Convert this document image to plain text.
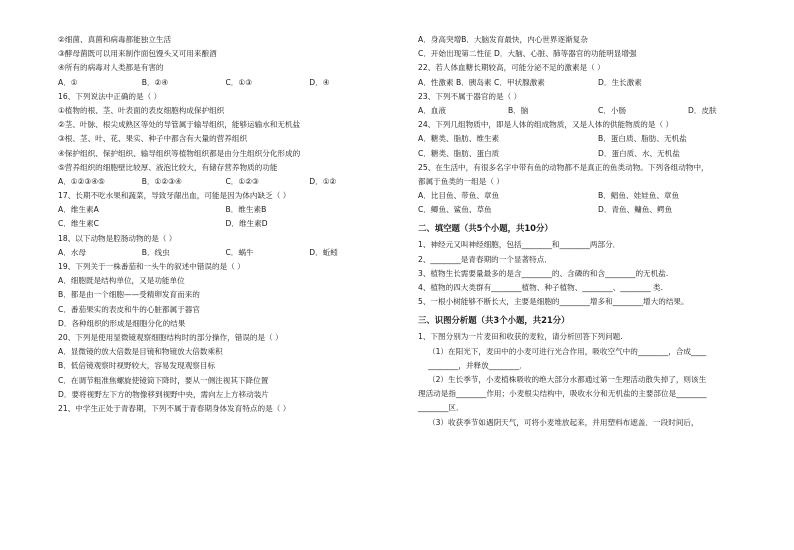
②细菌、真菌和病毒都能独立生活
③酵母菌既可以用来制作面包馒头又可用来酿酒
④所有的病毒对人类都是有害的
A．①	B．②④	C．①③	D．④
16、下列说法中正确的是（ ）
①植物的根、茎、叶表面的表皮细胞构成保护组织
②茎、叶脉、根尖成熟区等处的导管属于输导组织，能够运输水和无机盐
③根、茎、叶、花、果实、种子中都含有大量的营养组织
④保护组织、保护组织、输导组织等植物组织都是由分生组织分化形成的
⑤营养组织的细胞壁比较厚、液泡比较大，有储存营养物质的功能
A．①②③④⑤	B．①②③④	C．①②③	D．①②
17、长期不吃水果和蔬菜，导致牙龈出血，可能是因为体内缺乏（ ）
A．维生素A	B．维生素B
C．维生素C	D．维生素D
18、以下动物是腔肠动物的是（ ）
A．水母	B．线虫	C．蜗牛	D．蚯蚓
19、下列关于一株番茄和一头牛的叙述中错误的是（ ）
A．细胞既是结构单位，又是功能单位
B．都是由一个细胞——受精卵发育而来的
C．番茄果实的表皮和牛的心脏都属于器官
D．各种组织的形成是细胞分化的结果
20、下列是使用显微镜观察细胞结构时的部分操作，错误的是（ ）
A．显微镜的放大倍数是目镜和物镜放大倍数乘积
B．低倍镜观察时视野较大，容易发现观察目标
C．在调节粗准焦螺旋使镜筒下降时，要从一侧注视其下降位置
D．要将视野左下方的物像移到视野中央，需向左上方移动装片
21、中学生正处于青春期，下列不属于青春期身体发育特点的是（ ）
A．身高突增B．大脑发育最快，内心世界逐渐复杂
C．开始出现第二性征 D．大脑、心脏、肺等器官的功能明显增强
22、若人体血糖长期较高，可能分泌不足的激素是（ ）
A．性激素 B．胰岛素 C．甲状腺激素	D．生长激素
23、下列不属于器官的是（ ）
A．血液	B．脑	C．小肠	D．皮肤
24、下列几组物质中，即是人体的组成物质，又是人体的供能物质的是（ ）
A．糖类、脂肪、维生素	B．蛋白质、脂肪、无机盐
C．糖类、脂肪、蛋白质	D．蛋白质、水、无机盐
25、在生活中，有很多名字中带有鱼的动物都不是真正的鱼类动物。下列各组动物中，
都属于鱼类的一组是（ ）
A．比目鱼、带鱼、章鱼	B．鲳鱼、娃娃鱼、章鱼
C．鲫鱼、鲨鱼、草鱼	D．青鱼、鳙鱼、鳄鱼
二、填空题（共5个小题，共10分）
1、神经元又叫神经细胞，包括________和________两部分．
2、________是青春期的一个显著特点．
3、植物生长需要量最多的是含________的、含磷的和含________的无机盐.
4、植物的四大类群有________植物、种子植物、________、________ 类.
5、一根小树能够不断长大，主要是细胞的________增多和________增大的结果。
三、识图分析题（共3个小题，共21分）
1、下图分别为一片麦田和收获的麦粒，请分析回答下列问题.
（1）在阳光下，麦田中的小麦可进行光合作用，吸收空气中的________，合成____
________，并释放________．
（2）生长季节，小麦植株吸收的绝大部分水都通过第一生理活动散失掉了，则该生
理活动是指________作用；小麦根尖结构中，吸收水分和无机盐的主要部位是________
________区．
（3）收获季节如遇阴天气，可将小麦堆放起来，并用塑料布遮盖．一段时间后，
